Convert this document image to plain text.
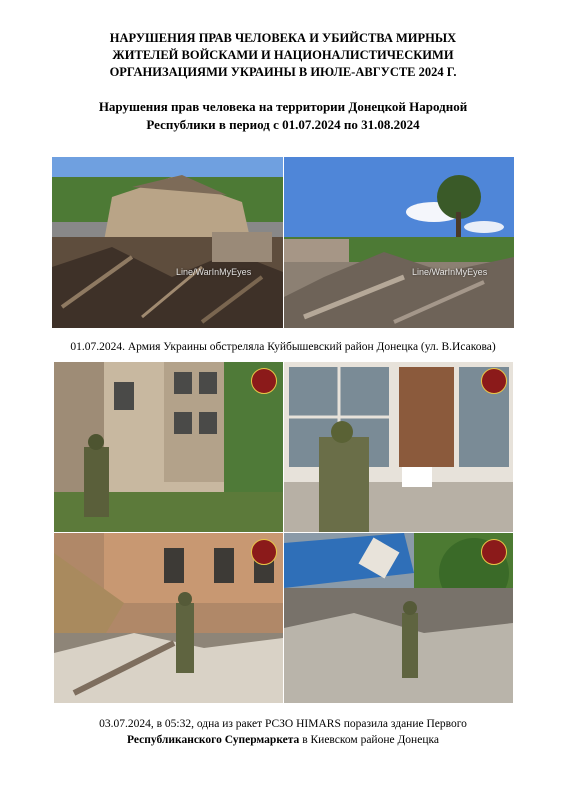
НАРУШЕНИЯ ПРАВ ЧЕЛОВЕКА И УБИЙСТВА МИРНЫХ
ЖИТЕЛЕЙ ВОЙСКАМИ И НАЦИОНАЛИСТИЧЕСКИМИ
ОРГАНИЗАЦИЯМИ УКРАИНЫ В ИЮЛЕ-АВГУСТЕ 2024 Г.
Нарушения прав человека на территории Донецкой Народной
Республики в период с 01.07.2024 по 31.08.2024
Line/WarInMyEyes	Line/WarInMyEyes
01.07.2024. Армия Украины обстреляла Куйбышевский район Донецка (ул. В.Исакова)
03.07.2024, в 05:32, одна из ракет РСЗО HIMARS поразила здание Первого
Республиканского Супермаркета в Киевском районе Донецка
